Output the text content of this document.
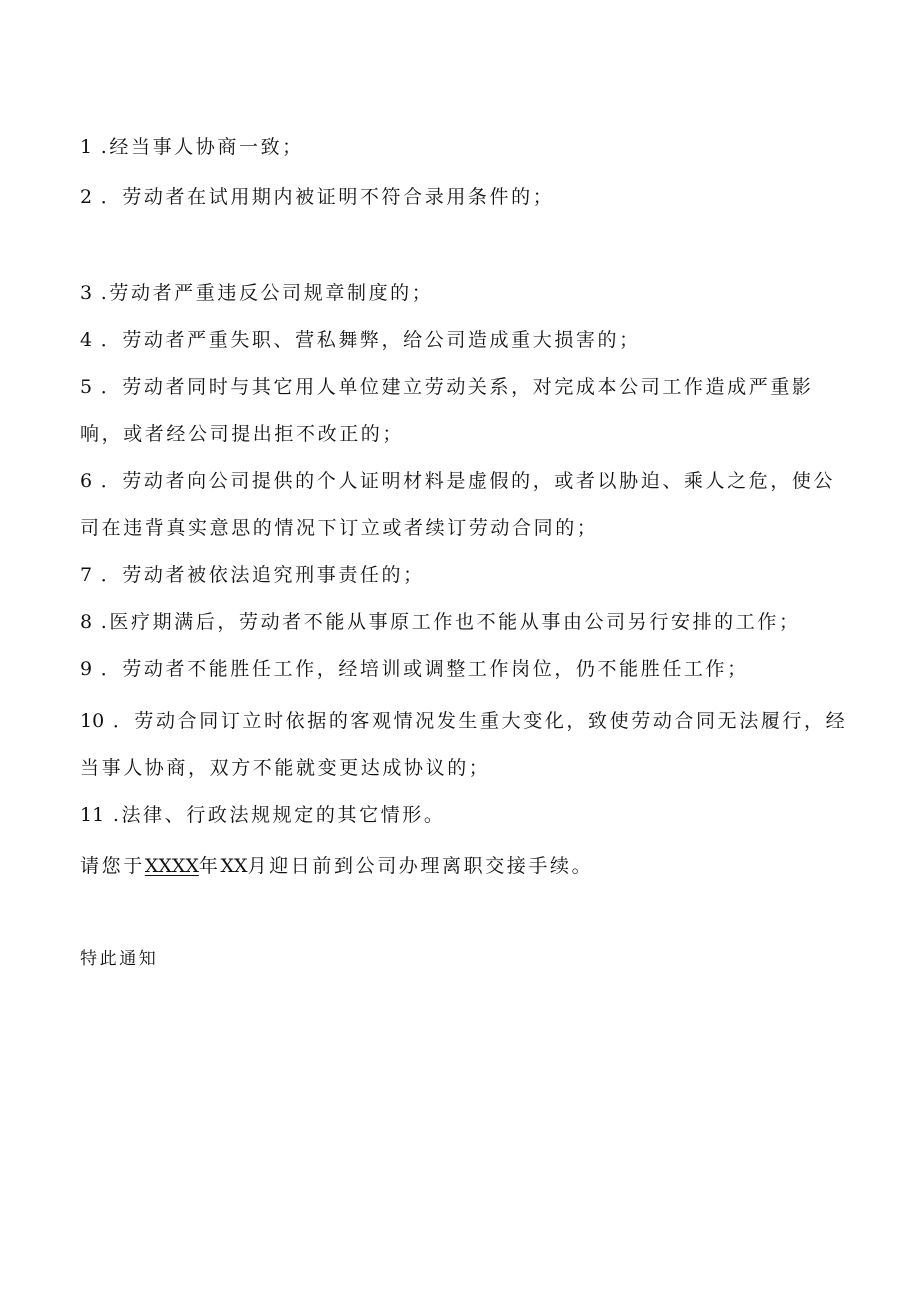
1 .经当事人协商一致；
2 ．劳动者在试用期内被证明不符合录用条件的；
3 .劳动者严重违反公司规章制度的；
4 ．劳动者严重失职、营私舞弊，给公司造成重大损害的；
5 ．劳动者同时与其它用人单位建立劳动关系，对完成本公司工作造成严重影
响，或者经公司提出拒不改正的；
6 ．劳动者向公司提供的个人证明材料是虚假的，或者以胁迫、乘人之危，使公
司在违背真实意思的情况下订立或者续订劳动合同的；
7 ．劳动者被依法追究刑事责任的；
8 .医疗期满后，劳动者不能从事原工作也不能从事由公司另行安排的工作；
9 ．劳动者不能胜任工作，经培训或调整工作岗位，仍不能胜任工作；
10 ．劳动合同订立时依据的客观情况发生重大变化，致使劳动合同无法履行，经
当事人协商，双方不能就变更达成协议的；
11 .法律、行政法规规定的其它情形。
请您于XXXX年XX月迎日前到公司办理离职交接手续。
特此通知
